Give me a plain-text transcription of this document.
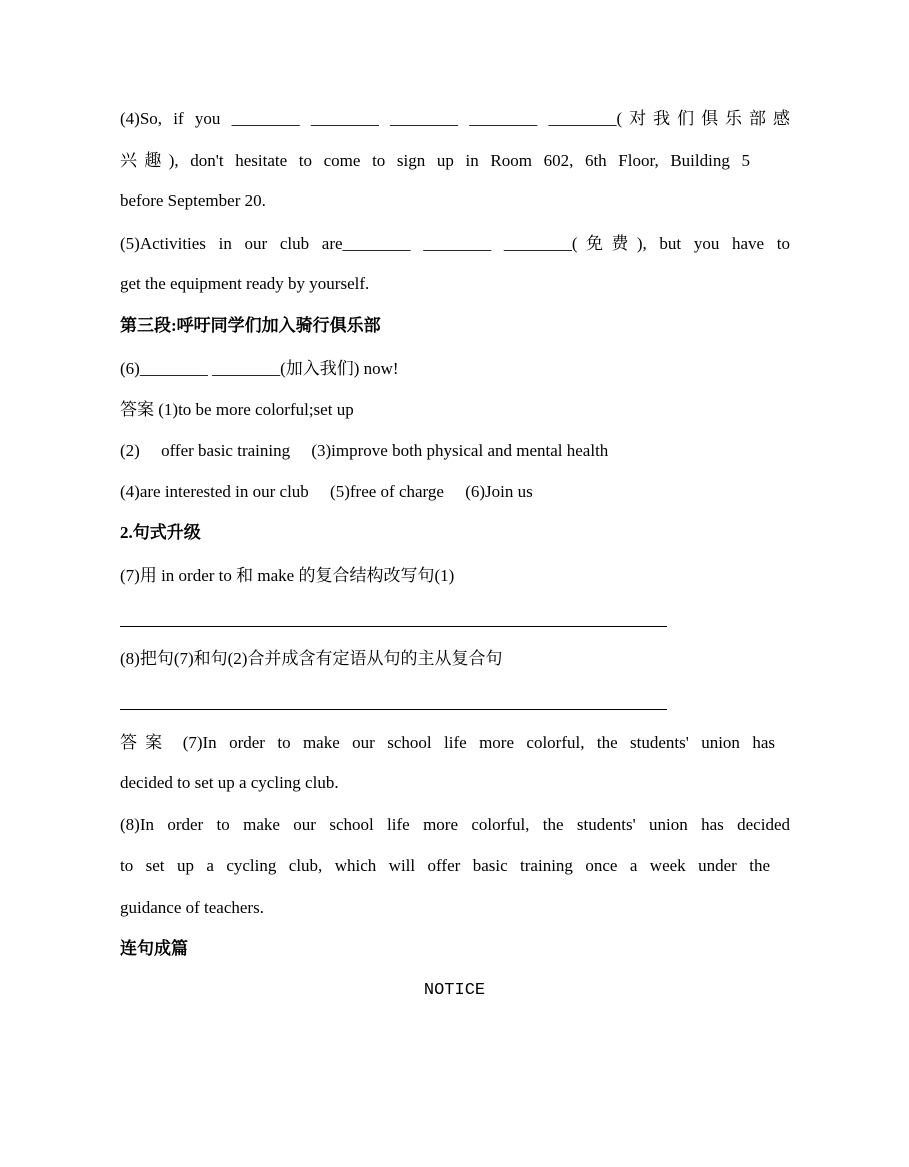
(4)So, if you ________ ________ ________ ________ ________(对我们俱乐部感
兴趣), don't hesitate to come to sign up in Room 602, 6th Floor, Building 5
before September 20.
(5)Activities in our club are________ ________ ________(免费), but you have to
get the equipment ready by yourself.
第三段:呼吁同学们加入骑行俱乐部
(6)________ ________(加入我们) now!
答案 (1)to be more colorful;set up
(2)     offer basic training     (3)improve both physical and mental health
(4)are interested in our club     (5)free of charge     (6)Join us
2.句式升级
(7)用 in order to 和 make 的复合结构改写句(1)
(8)把句(7)和句(2)合并成含有定语从句的主从复合句
答案 (7)In order to make our school life more colorful, the students' union has
decided to set up a cycling club.
(8)In order to make our school life more colorful, the students' union has decided
to set up a cycling club, which will offer basic training once a week under the
guidance of teachers.
连句成篇
NOTICE
